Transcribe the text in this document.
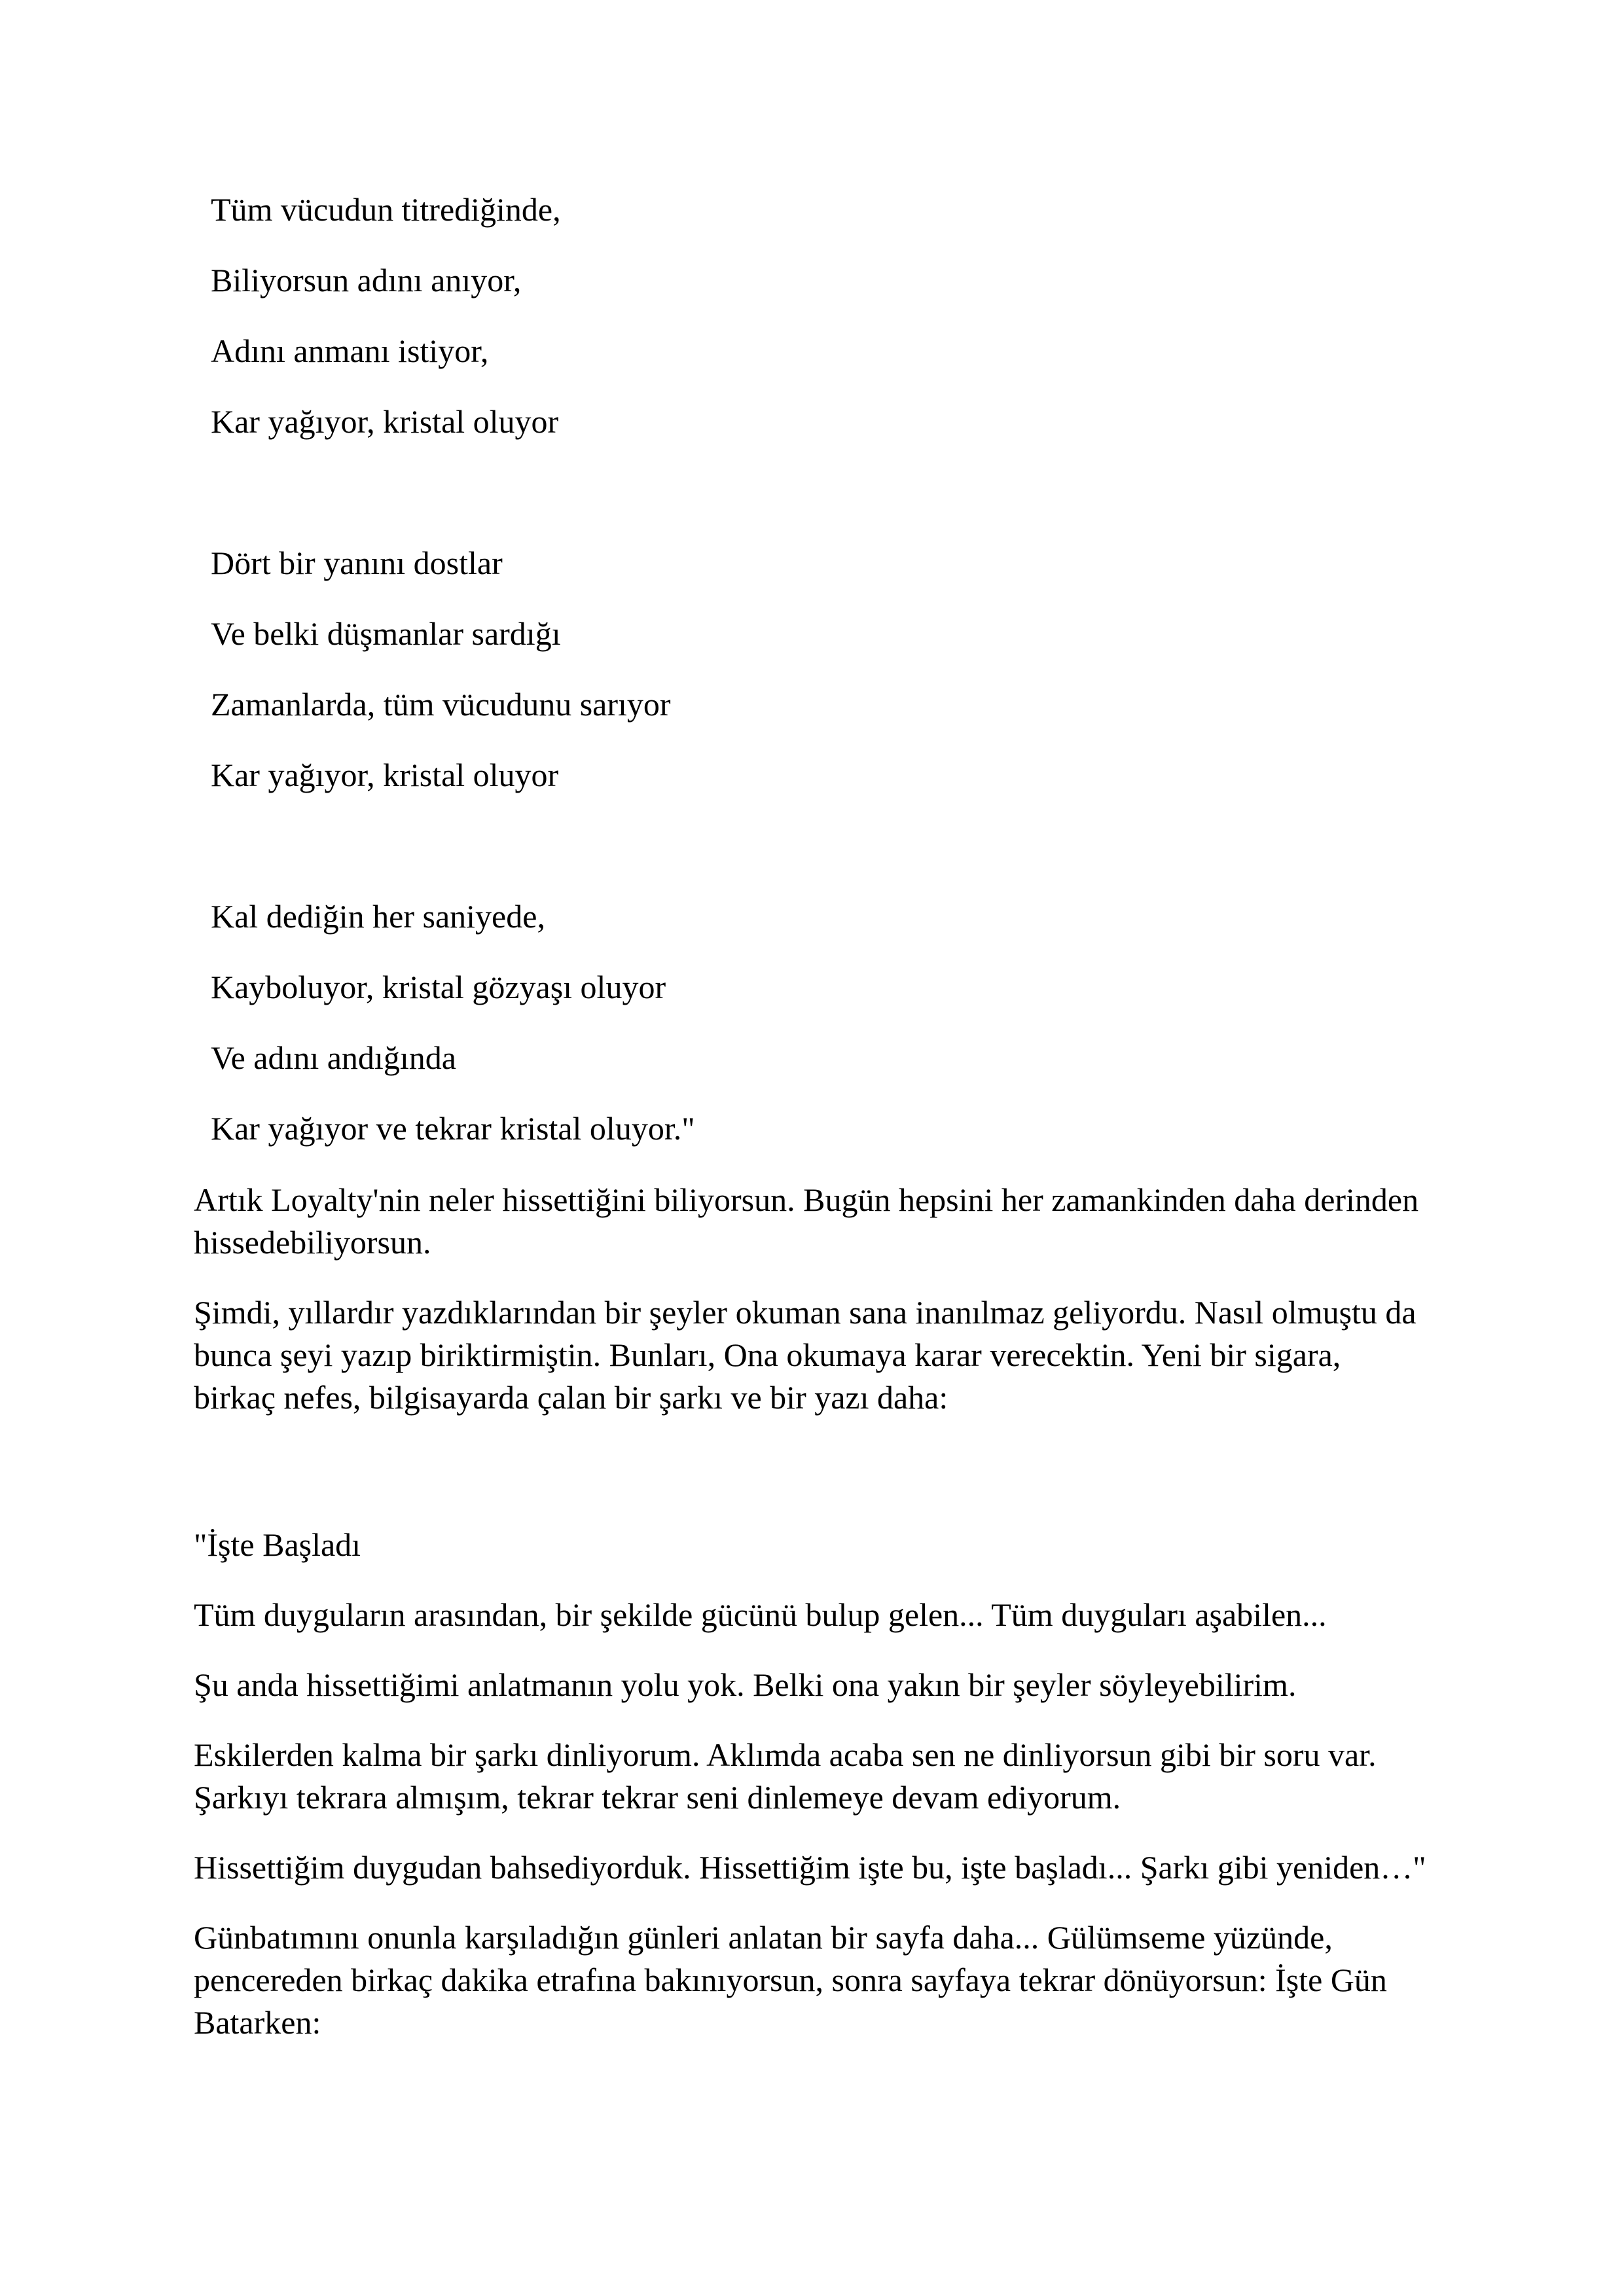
Tüm vücudun titrediğinde,
Biliyorsun adını anıyor,
Adını anmanı istiyor,
Kar yağıyor, kristal oluyor
Dört bir yanını dostlar
Ve belki düşmanlar sardığı
Zamanlarda, tüm vücudunu sarıyor
Kar yağıyor, kristal oluyor
Kal dediğin her saniyede,
Kayboluyor, kristal gözyaşı oluyor
Ve adını andığında
Kar yağıyor ve tekrar kristal oluyor."

Artık Loyalty'nin neler hissettiğini biliyorsun. Bugün hepsini her zamankinden daha derinden
hissedebiliyorsun.

Şimdi, yıllardır yazdıklarından bir şeyler okuman sana inanılmaz geliyordu. Nasıl olmuştu da
bunca şeyi yazıp biriktirmiştin. Bunları, Ona okumaya karar verecektin. Yeni bir sigara,
birkaç nefes, bilgisayarda çalan bir şarkı ve bir yazı daha:

"İşte Başladı

Tüm duyguların arasından, bir şekilde gücünü bulup gelen... Tüm duyguları aşabilen...

Şu anda hissettiğimi anlatmanın yolu yok. Belki ona yakın bir şeyler söyleyebilirim.

Eskilerden kalma bir şarkı dinliyorum. Aklımda acaba sen ne dinliyorsun gibi bir soru var.
Şarkıyı tekrara almışım, tekrar tekrar seni dinlemeye devam ediyorum.

Hissettiğim duygudan bahsediyorduk. Hissettiğim işte bu, işte başladı... Şarkı gibi yeniden…"

Günbatımını onunla karşıladığın günleri anlatan bir sayfa daha... Gülümseme yüzünde,
pencereden birkaç dakika etrafına bakınıyorsun, sonra sayfaya tekrar dönüyorsun: İşte Gün
Batarken:
